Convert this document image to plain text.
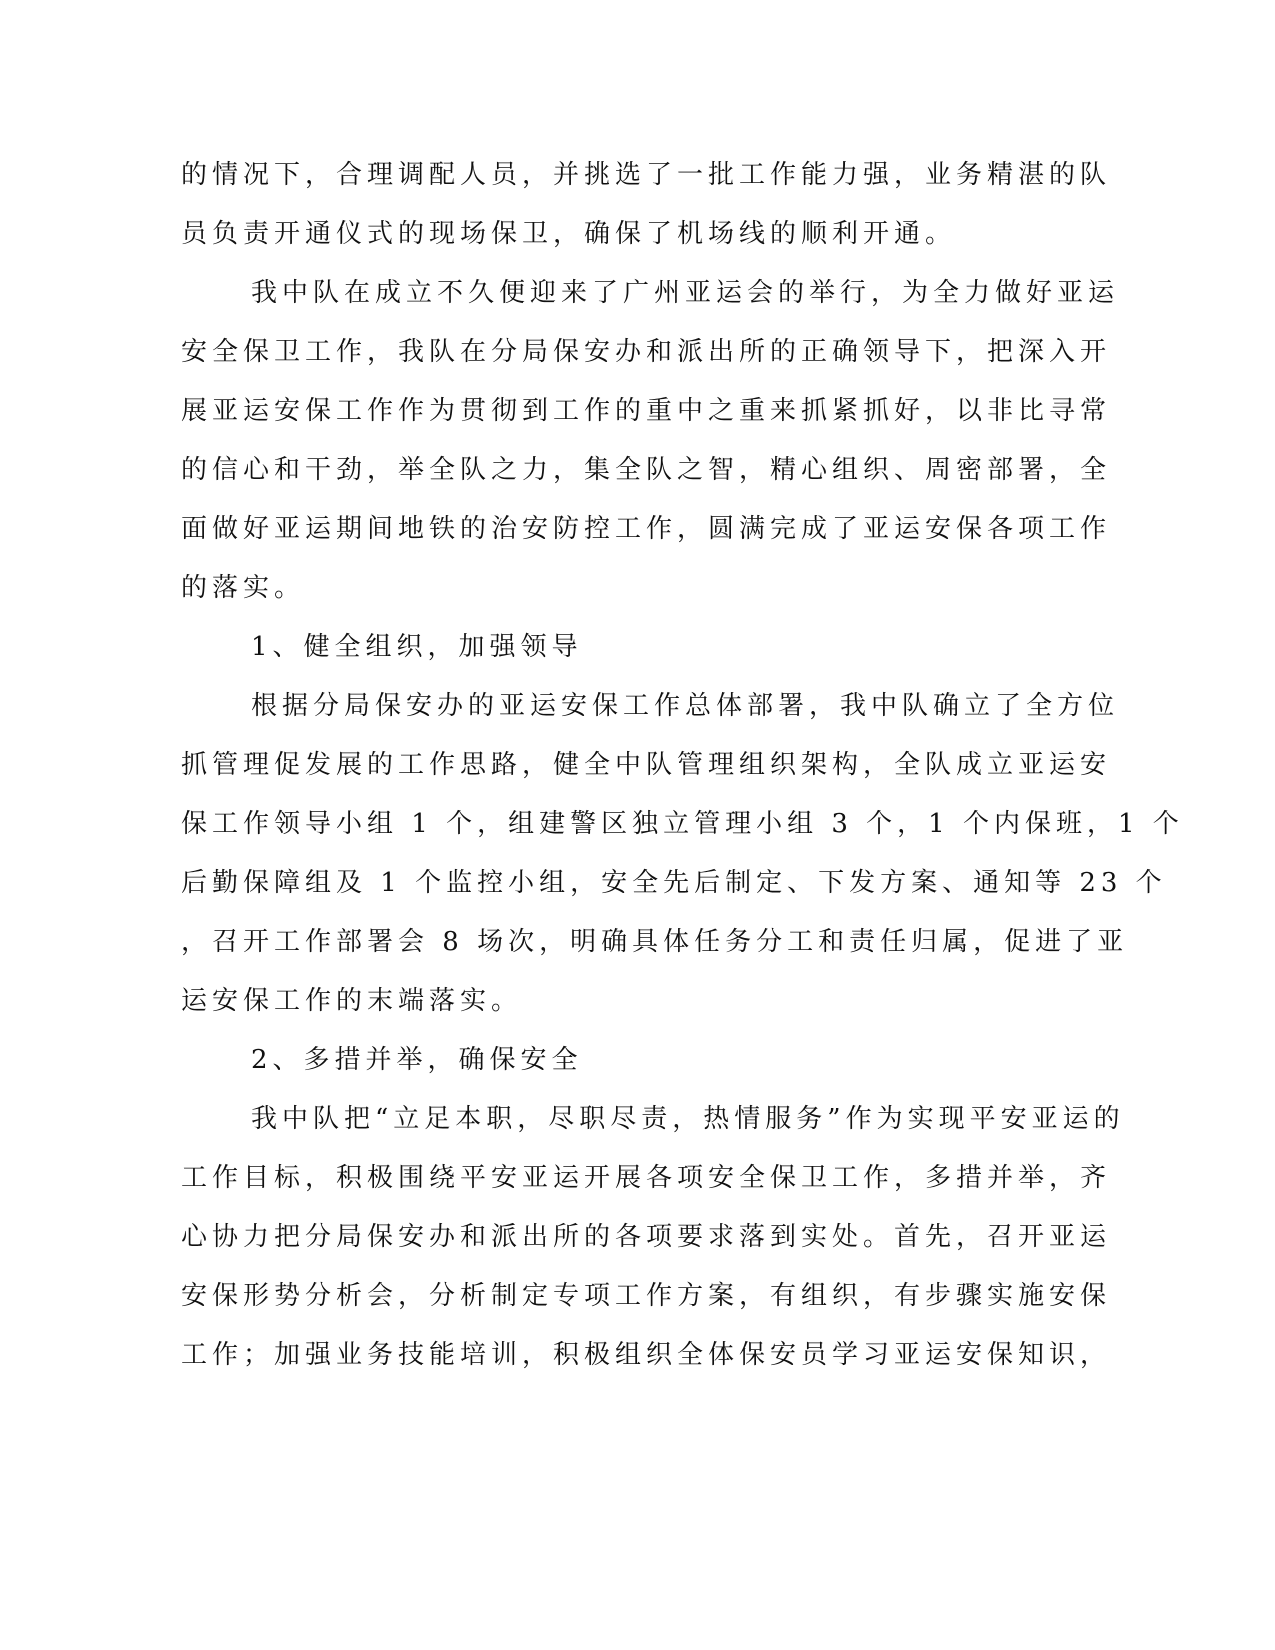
的情况下，合理调配人员，并挑选了一批工作能力强，业务精湛的队
员负责开通仪式的现场保卫，确保了机场线的顺利开通。
我中队在成立不久便迎来了广州亚运会的举行，为全力做好亚运
安全保卫工作，我队在分局保安办和派出所的正确领导下，把深入开
展亚运安保工作作为贯彻到工作的重中之重来抓紧抓好，以非比寻常
的信心和干劲，举全队之力，集全队之智，精心组织、周密部署，全
面做好亚运期间地铁的治安防控工作，圆满完成了亚运安保各项工作
的落实。
1、健全组织，加强领导
根据分局保安办的亚运安保工作总体部署，我中队确立了全方位
抓管理促发展的工作思路，健全中队管理组织架构，全队成立亚运安
保工作领导小组 1 个，组建警区独立管理小组 3 个，1 个内保班，1 个
后勤保障组及 1 个监控小组，安全先后制定、下发方案、通知等 23 个
，召开工作部署会 8 场次，明确具体任务分工和责任归属，促进了亚
运安保工作的末端落实。
2、多措并举，确保安全
我中队把“立足本职，尽职尽责，热情服务”作为实现平安亚运的
工作目标，积极围绕平安亚运开展各项安全保卫工作，多措并举，齐
心协力把分局保安办和派出所的各项要求落到实处。首先，召开亚运
安保形势分析会，分析制定专项工作方案，有组织，有步骤实施安保
工作；加强业务技能培训，积极组织全体保安员学习亚运安保知识，
